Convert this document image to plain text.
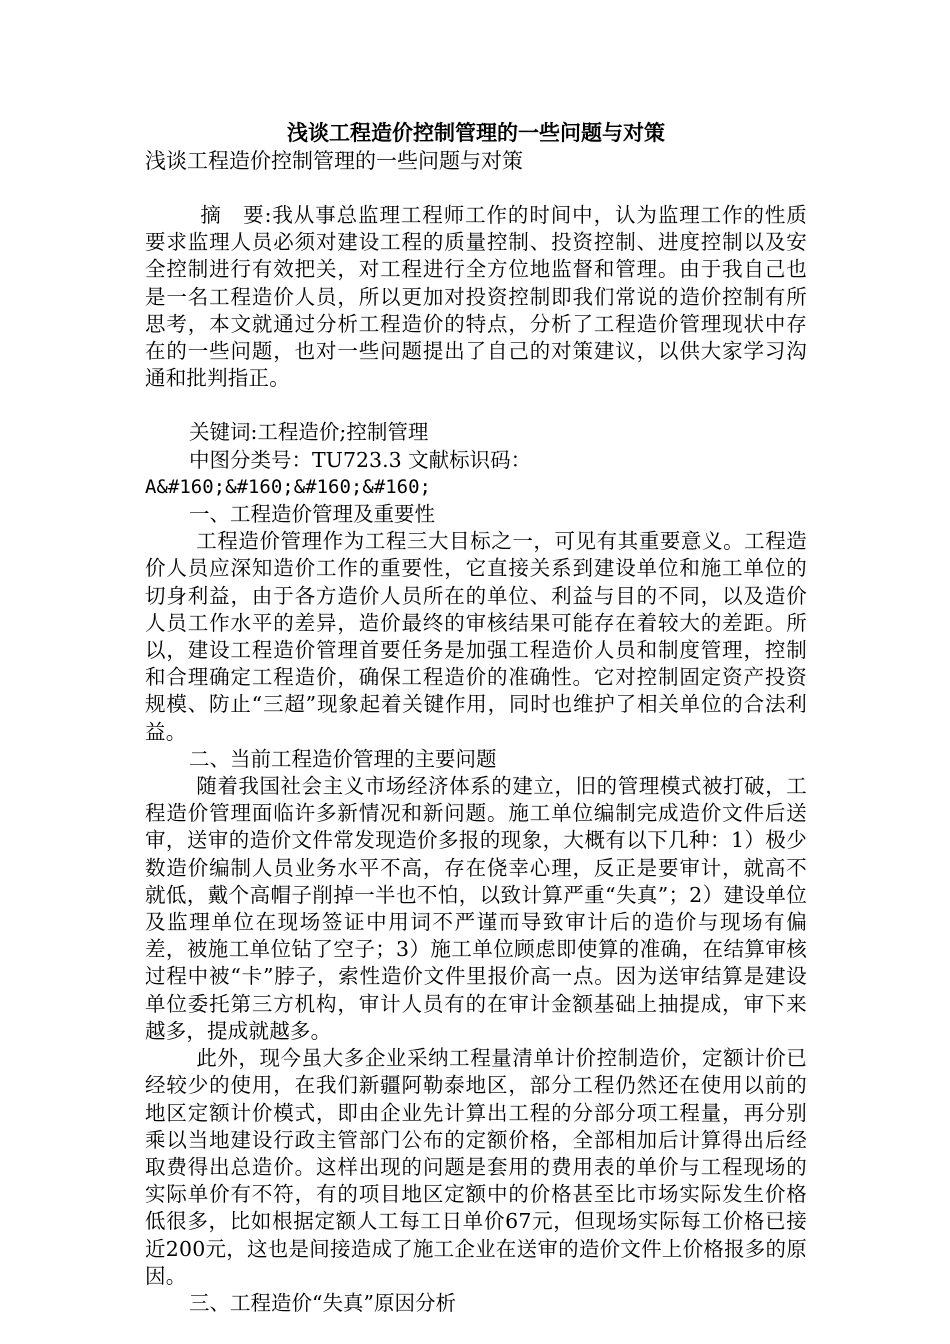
浅谈工程造价控制管理的一些问题与对策

浅谈工程造价控制管理的一些问题与对策

摘　要:我从事总监理工程师工作的时间中，认为监理工作的性质要求监理人员必须对建设工程的质量控制、投资控制、进度控制以及安全控制进行有效把关，对工程进行全方位地监督和管理。由于我自己也是一名工程造价人员，所以更加对投资控制即我们常说的造价控制有所思考，本文就通过分析工程造价的特点，分析了工程造价管理现状中存在的一些问题，也对一些问题提出了自己的对策建议，以供大家学习沟通和批判指正。

关键词:工程造价;控制管理

中图分类号：TU723.3 文献标识码：

A&#160;&#160;&#160;&#160;

一、工程造价管理及重要性

工程造价管理作为工程三大目标之一，可见有其重要意义。工程造价人员应深知造价工作的重要性，它直接关系到建设单位和施工单位的切身利益，由于各方造价人员所在的单位、利益与目的不同，以及造价人员工作水平的差异，造价最终的审核结果可能存在着较大的差距。所以，建设工程造价管理首要任务是加强工程造价人员和制度管理，控制和合理确定工程造价，确保工程造价的准确性。它对控制固定资产投资规模、防止“三超”现象起着关键作用，同时也维护了相关单位的合法利益。

二、当前工程造价管理的主要问题

随着我国社会主义市场经济体系的建立，旧的管理模式被打破，工程造价管理面临许多新情况和新问题。施工单位编制完成造价文件后送审，送审的造价文件常发现造价多报的现象，大概有以下几种：1）极少数造价编制人员业务水平不高，存在侥幸心理，反正是要审计，就高不就低，戴个高帽子削掉一半也不怕，以致计算严重“失真”；2）建设单位及监理单位在现场签证中用词不严谨而导致审计后的造价与现场有偏差，被施工单位钻了空子；3）施工单位顾虑即使算的准确，在结算审核过程中被“卡”脖子，索性造价文件里报价高一点。因为送审结算是建设单位委托第三方机构，审计人员有的在审计金额基础上抽提成，审下来越多，提成就越多。

此外，现今虽大多企业采纳工程量清单计价控制造价，定额计价已经较少的使用，在我们新疆阿勒泰地区，部分工程仍然还在使用以前的地区定额计价模式，即由企业先计算出工程的分部分项工程量，再分别乘以当地建设行政主管部门公布的定额价格，全部相加后计算得出后经取费得出总造价。这样出现的问题是套用的费用表的单价与工程现场的实际单价有不符，有的项目地区定额中的价格甚至比市场实际发生价格低很多，比如根据定额人工每工日单价67元，但现场实际每工价格已接近200元，这也是间接造成了施工企业在送审的造价文件上价格报多的原因。

三、工程造价“失真”原因分析
